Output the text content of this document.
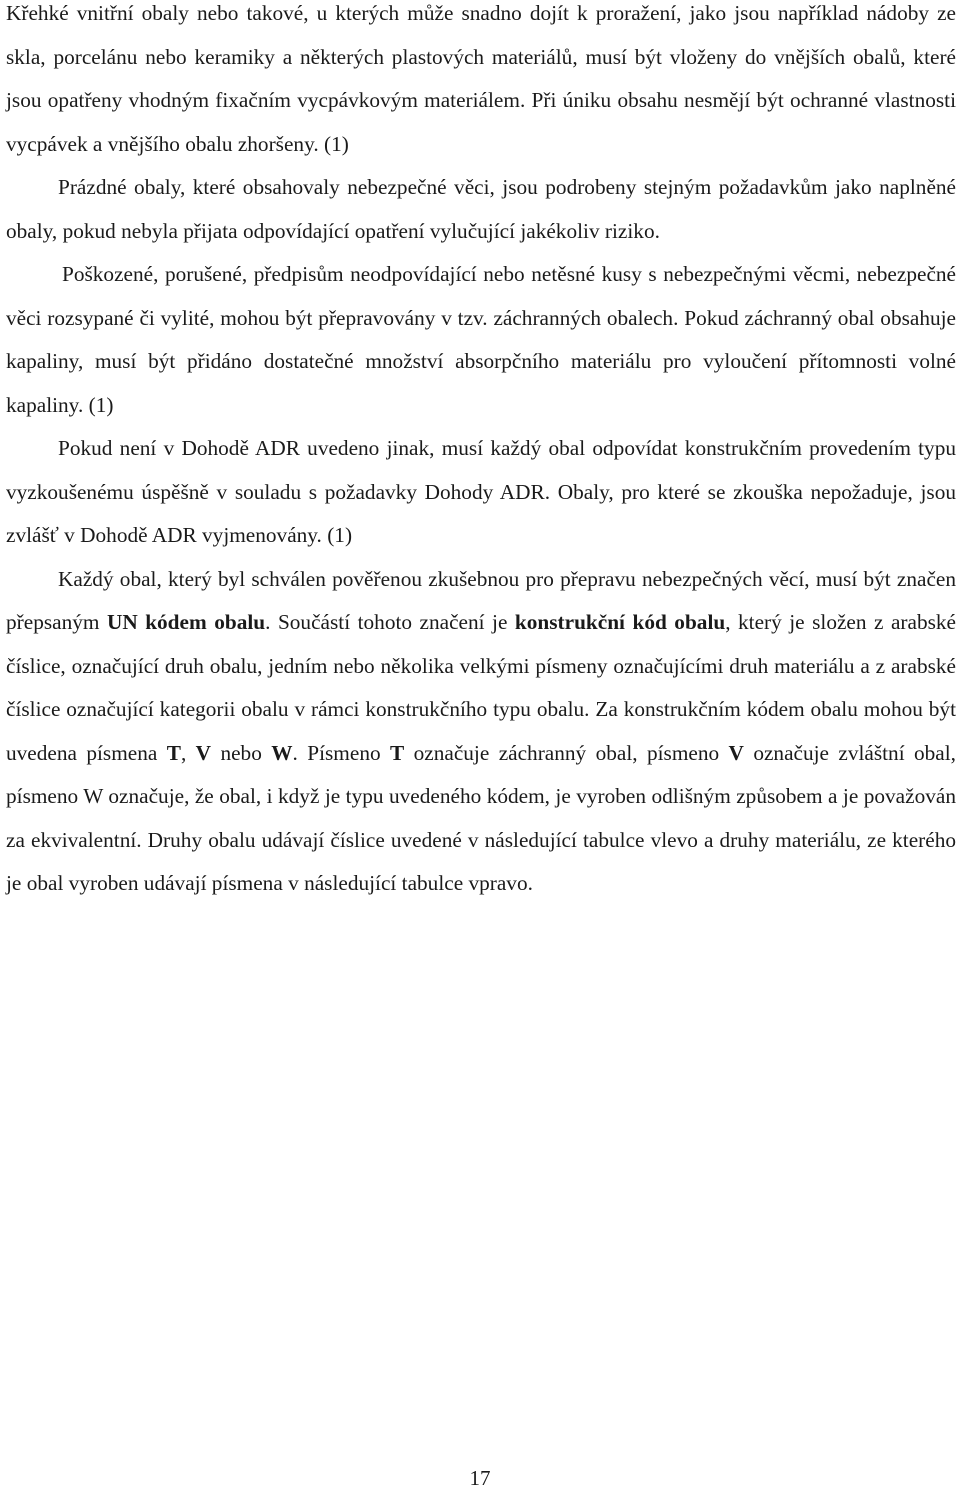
Křehké vnitřní obaly nebo takové, u kterých může snadno dojít k proražení, jako jsou například nádoby ze skla, porcelánu nebo keramiky a některých plastových materiálů, musí být vloženy do vnějších obalů, které jsou opatřeny vhodným fixačním vycpávkovým materiálem. Při úniku obsahu nesmějí být ochranné vlastnosti vycpávek a vnějšího obalu zhoršeny. (1)

Prázdné obaly, které obsahovaly nebezpečné věci, jsou podrobeny stejným požadavkům jako naplněné obaly, pokud nebyla přijata odpovídající opatření vylučující jakékoliv riziko.

Poškozené, porušené, předpisům neodpovídající nebo netěsné kusy s nebezpečnými věcmi, nebezpečné věci rozsypané či vylité, mohou být přepravovány v tzv. záchranných obalech. Pokud záchranný obal obsahuje kapaliny, musí být přidáno dostatečné množství absorpčního materiálu pro vyloučení přítomnosti volné kapaliny. (1)

Pokud není v Dohodě ADR uvedeno jinak, musí každý obal odpovídat konstrukčním provedením typu vyzkoušenému úspěšně v souladu s požadavky Dohody ADR. Obaly, pro které se zkouška nepožaduje, jsou zvlášť v Dohodě ADR vyjmenovány. (1)

Každý obal, který byl schválen pověřenou zkušebnou pro přepravu nebezpečných věcí, musí být značen přepsaným UN kódem obalu. Součástí tohoto značení je konstrukční kód obalu, který je složen z arabské číslice, označující druh obalu, jedním nebo několika velkými písmeny označujícími druh materiálu a z arabské číslice označující kategorii obalu v rámci konstrukčního typu obalu. Za konstrukčním kódem obalu mohou být uvedena písmena T, V nebo W. Písmeno T označuje záchranný obal, písmeno V označuje zvláštní obal, písmeno W označuje, že obal, i když je typu uvedeného kódem, je vyroben odlišným způsobem a je považován za ekvivalentní. Druhy obalu udávají číslice uvedené v následující tabulce vlevo a druhy materiálu, ze kterého je obal vyroben udávají písmena v následující tabulce vpravo.

17
